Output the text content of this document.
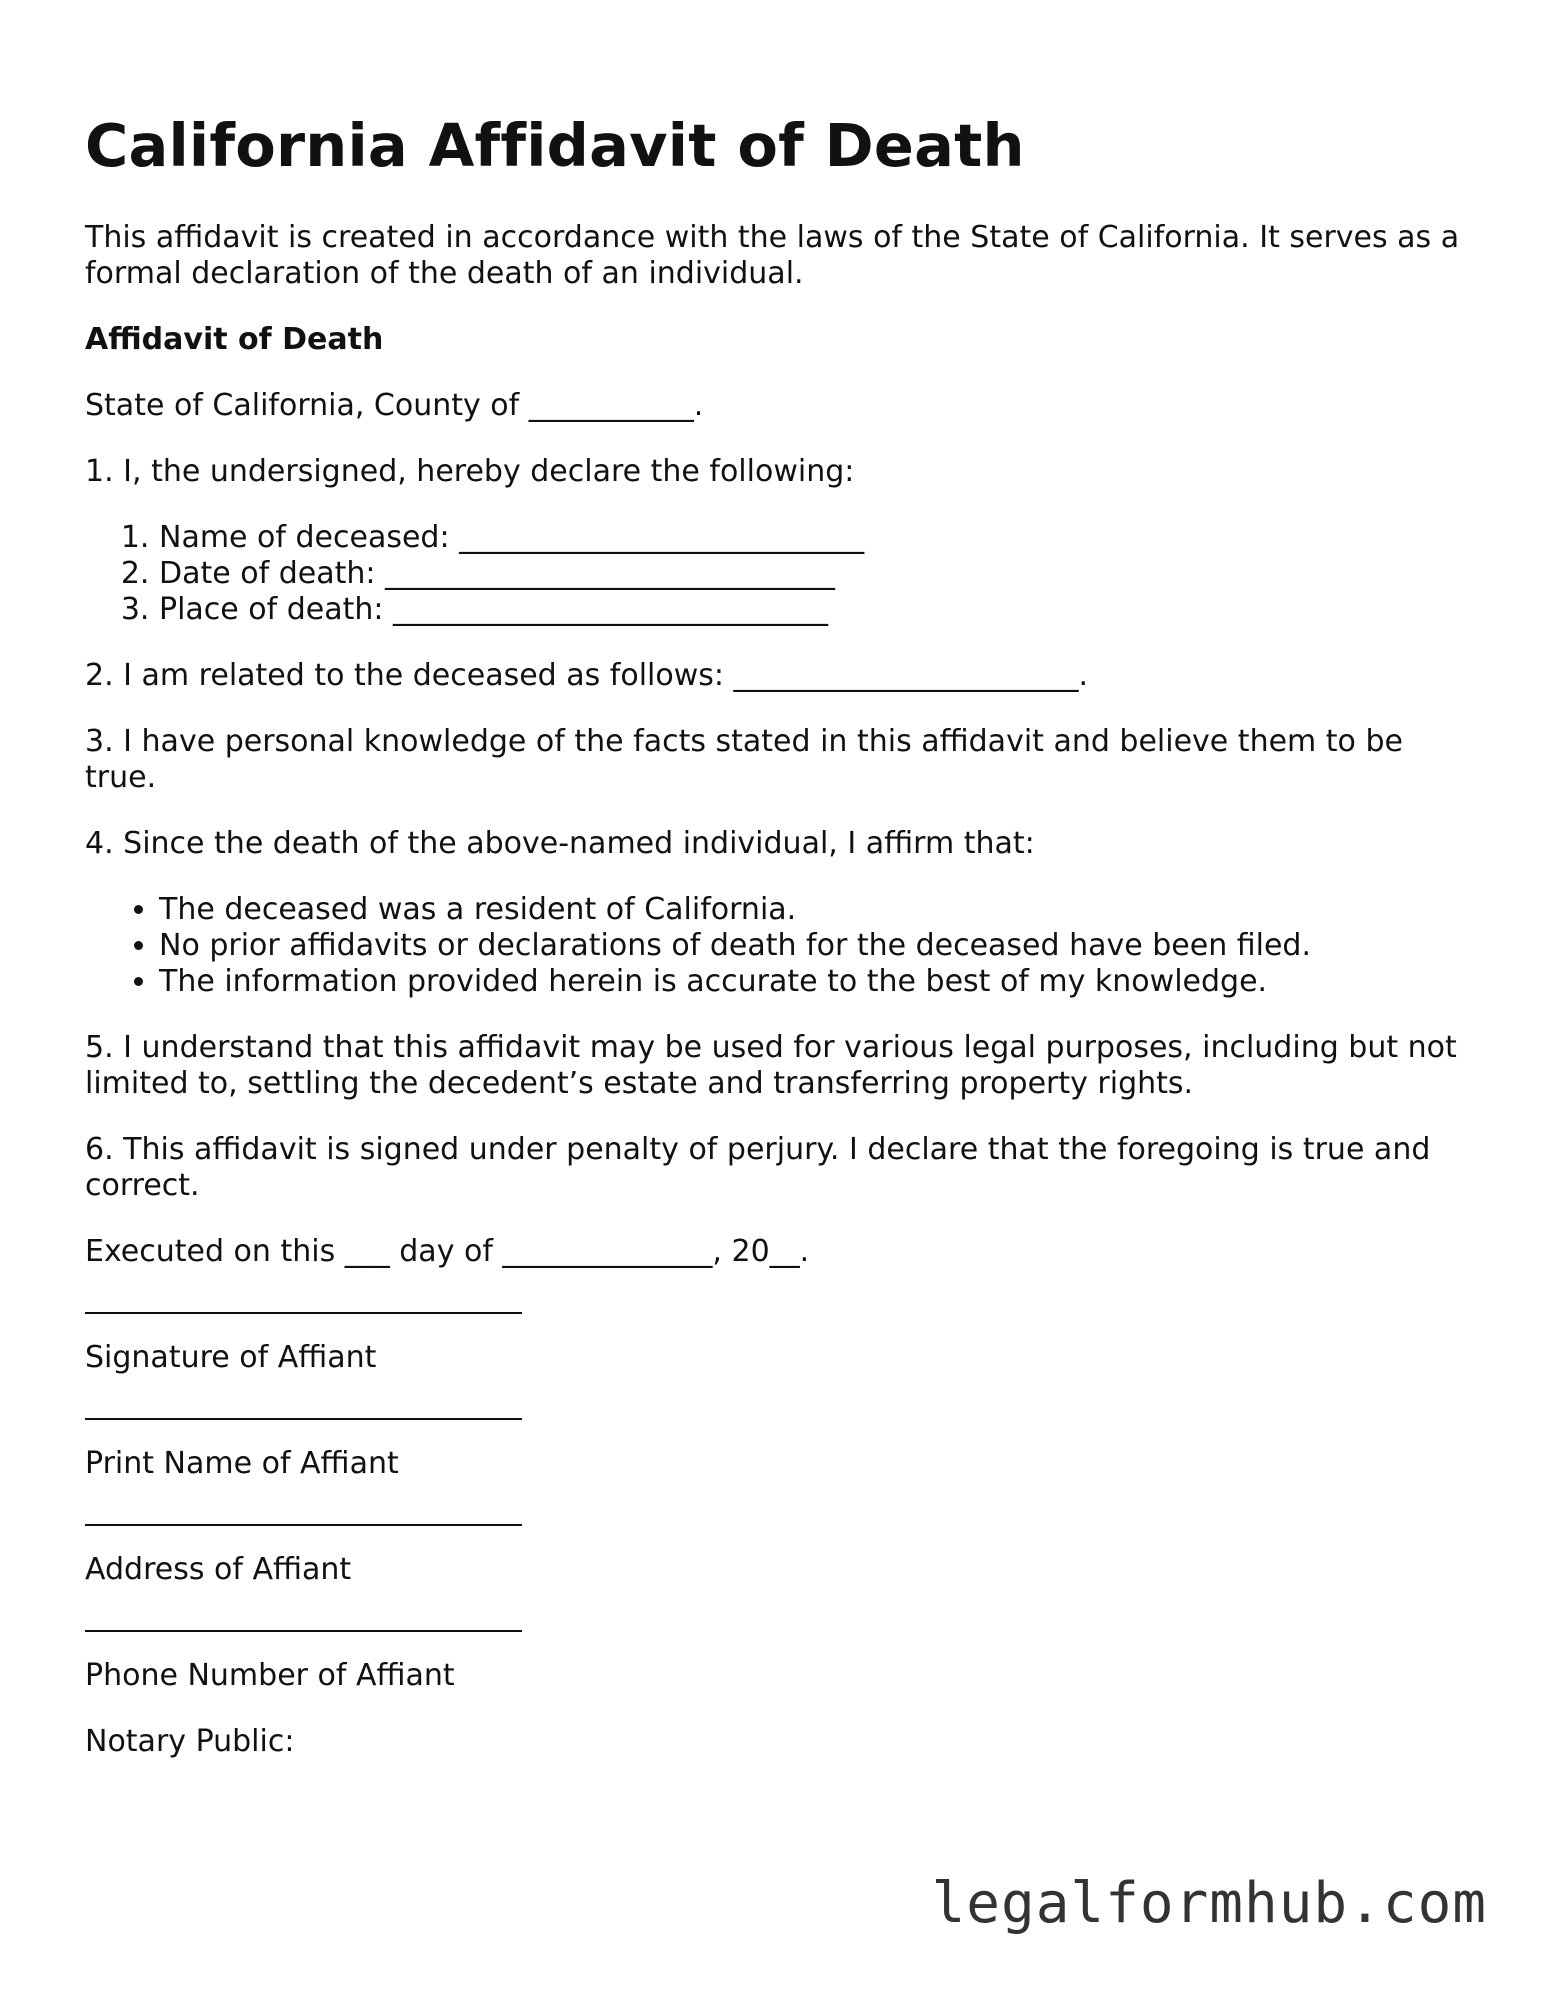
California Affidavit of Death

This affidavit is created in accordance with the laws of the State of California. It serves as a formal declaration of the death of an individual.

Affidavit of Death

State of California, County of ___________.

1. I, the undersigned, hereby declare the following:

1. Name of deceased: ___________________________
2. Date of death: ______________________________
3. Place of death: _____________________________

2. I am related to the deceased as follows: _______________________.

3. I have personal knowledge of the facts stated in this affidavit and believe them to be true.

4. Since the death of the above-named individual, I affirm that:

• The deceased was a resident of California.
• No prior affidavits or declarations of death for the deceased have been filed.
• The information provided herein is accurate to the best of my knowledge.

5. I understand that this affidavit may be used for various legal purposes, including but not limited to, settling the decedent’s estate and transferring property rights.

6. This affidavit is signed under penalty of perjury. I declare that the foregoing is true and correct.

Executed on this ___ day of ______________, 20__.

Signature of Affiant

Print Name of Affiant

Address of Affiant

Phone Number of Affiant

Notary Public:

legalformhub.com
